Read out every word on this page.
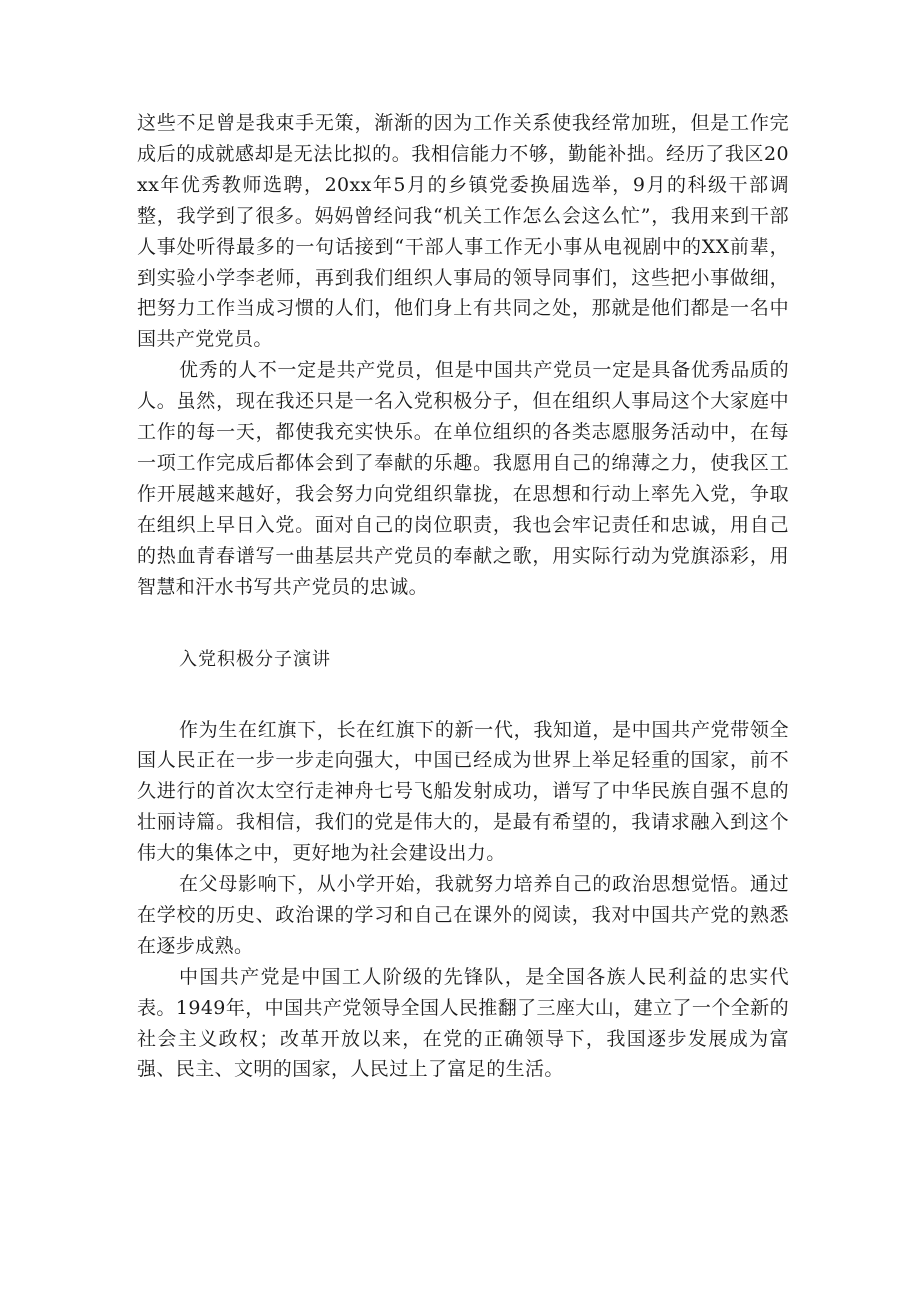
这些不足曾是我束手无策，渐渐的因为工作关系使我经常加班，但是工作完成后的成就感却是无法比拟的。我相信能力不够，勤能补拙。经历了我区20xx年优秀教师选聘，20xx年5月的乡镇党委换届选举，9月的科级干部调整，我学到了很多。妈妈曾经问我“机关工作怎么会这么忙”，我用来到干部人事处听得最多的一句话接到“干部人事工作无小事从电视剧中的XX前辈，到实验小学李老师，再到我们组织人事局的领导同事们，这些把小事做细，把努力工作当成习惯的人们，他们身上有共同之处，那就是他们都是一名中国共产党党员。

优秀的人不一定是共产党员，但是中国共产党员一定是具备优秀品质的人。虽然，现在我还只是一名入党积极分子，但在组织人事局这个大家庭中工作的每一天，都使我充实快乐。在单位组织的各类志愿服务活动中，在每一项工作完成后都体会到了奉献的乐趣。我愿用自己的绵薄之力，使我区工作开展越来越好，我会努力向党组织靠拢，在思想和行动上率先入党，争取在组织上早日入党。面对自己的岗位职责，我也会牢记责任和忠诚，用自己的热血青春谱写一曲基层共产党员的奉献之歌，用实际行动为党旗添彩，用智慧和汗水书写共产党员的忠诚。

入党积极分子演讲

作为生在红旗下，长在红旗下的新一代，我知道，是中国共产党带领全国人民正在一步一步走向强大，中国已经成为世界上举足轻重的国家，前不久进行的首次太空行走神舟七号飞船发射成功，谱写了中华民族自强不息的壮丽诗篇。我相信，我们的党是伟大的，是最有希望的，我请求融入到这个伟大的集体之中，更好地为社会建设出力。

在父母影响下，从小学开始，我就努力培养自己的政治思想觉悟。通过在学校的历史、政治课的学习和自己在课外的阅读，我对中国共产党的熟悉在逐步成熟。

中国共产党是中国工人阶级的先锋队，是全国各族人民利益的忠实代表。1949年，中国共产党领导全国人民推翻了三座大山，建立了一个全新的社会主义政权；改革开放以来，在党的正确领导下，我国逐步发展成为富强、民主、文明的国家，人民过上了富足的生活。
